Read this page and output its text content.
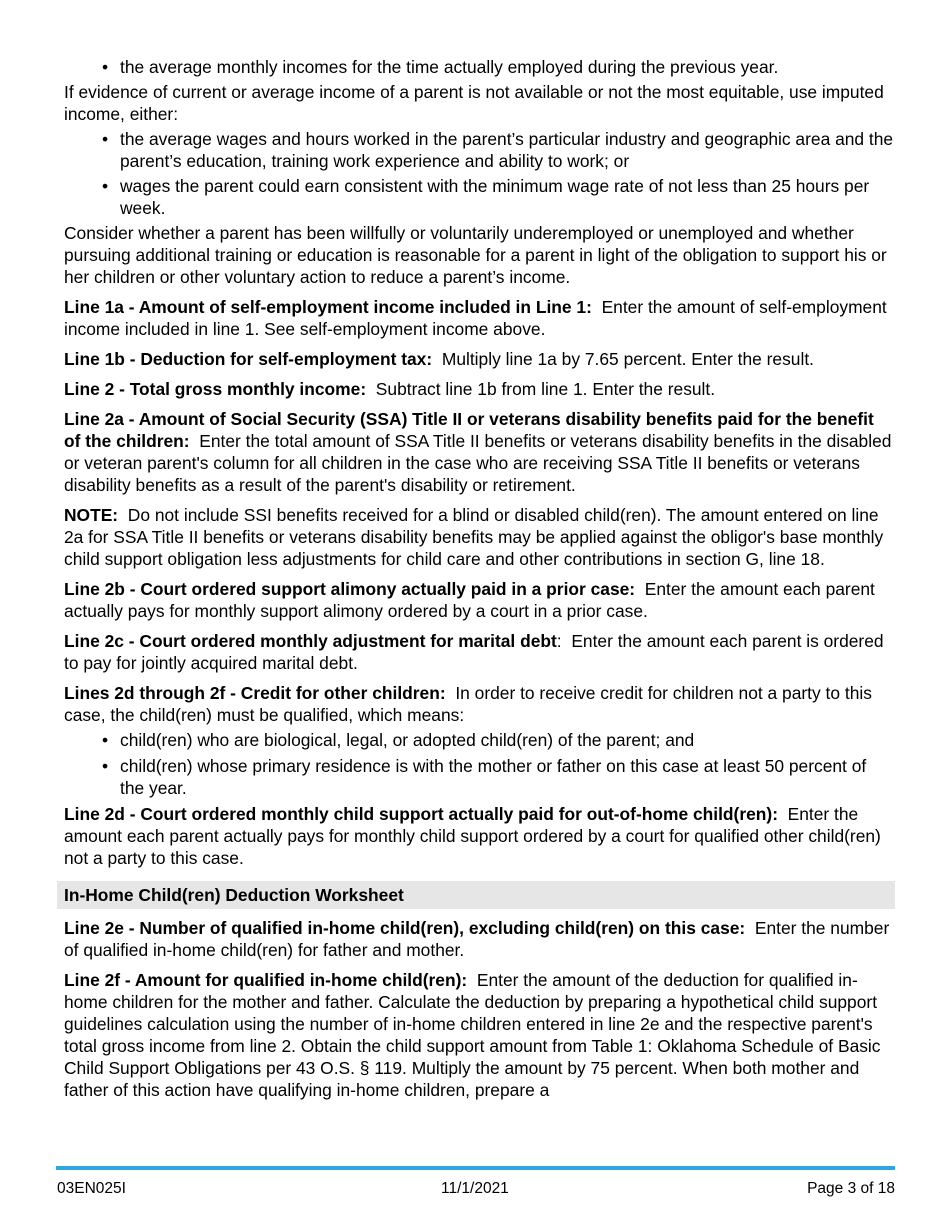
• the average monthly incomes for the time actually employed during the previous year.

If evidence of current or average income of a parent is not available or not the most equitable, use imputed income, either:

• the average wages and hours worked in the parent’s particular industry and geographic area and the parent’s education, training work experience and ability to work; or
• wages the parent could earn consistent with the minimum wage rate of not less than 25 hours per week.

Consider whether a parent has been willfully or voluntarily underemployed or unemployed and whether pursuing additional training or education is reasonable for a parent in light of the obligation to support his or her children or other voluntary action to reduce a parent’s income.

Line 1a - Amount of self-employment income included in Line 1: Enter the amount of self-employment income included in line 1. See self-employment income above.

Line 1b - Deduction for self-employment tax: Multiply line 1a by 7.65 percent. Enter the result.

Line 2 - Total gross monthly income: Subtract line 1b from line 1. Enter the result.

Line 2a - Amount of Social Security (SSA) Title II or veterans disability benefits paid for the benefit of the children: Enter the total amount of SSA Title II benefits or veterans disability benefits in the disabled or veteran parent's column for all children in the case who are receiving SSA Title II benefits or veterans disability benefits as a result of the parent's disability or retirement.

NOTE: Do not include SSI benefits received for a blind or disabled child(ren). The amount entered on line 2a for SSA Title II benefits or veterans disability benefits may be applied against the obligor's base monthly child support obligation less adjustments for child care and other contributions in section G, line 18.

Line 2b - Court ordered support alimony actually paid in a prior case: Enter the amount each parent actually pays for monthly support alimony ordered by a court in a prior case.

Line 2c - Court ordered monthly adjustment for marital debt: Enter the amount each parent is ordered to pay for jointly acquired marital debt.

Lines 2d through 2f - Credit for other children: In order to receive credit for children not a party to this case, the child(ren) must be qualified, which means:

• child(ren) who are biological, legal, or adopted child(ren) of the parent; and
• child(ren) whose primary residence is with the mother or father on this case at least 50 percent of the year.

Line 2d - Court ordered monthly child support actually paid for out-of-home child(ren): Enter the amount each parent actually pays for monthly child support ordered by a court for qualified other child(ren) not a party to this case.

In-Home Child(ren) Deduction Worksheet

Line 2e - Number of qualified in-home child(ren), excluding child(ren) on this case: Enter the number of qualified in-home child(ren) for father and mother.

Line 2f - Amount for qualified in-home child(ren): Enter the amount of the deduction for qualified in-home children for the mother and father. Calculate the deduction by preparing a hypothetical child support guidelines calculation using the number of in-home children entered in line 2e and the respective parent's total gross income from line 2. Obtain the child support amount from Table 1: Oklahoma Schedule of Basic Child Support Obligations per 43 O.S. § 119. Multiply the amount by 75 percent. When both mother and father of this action have qualifying in-home children, prepare a

03EN025I	11/1/2021	Page 3 of 18
